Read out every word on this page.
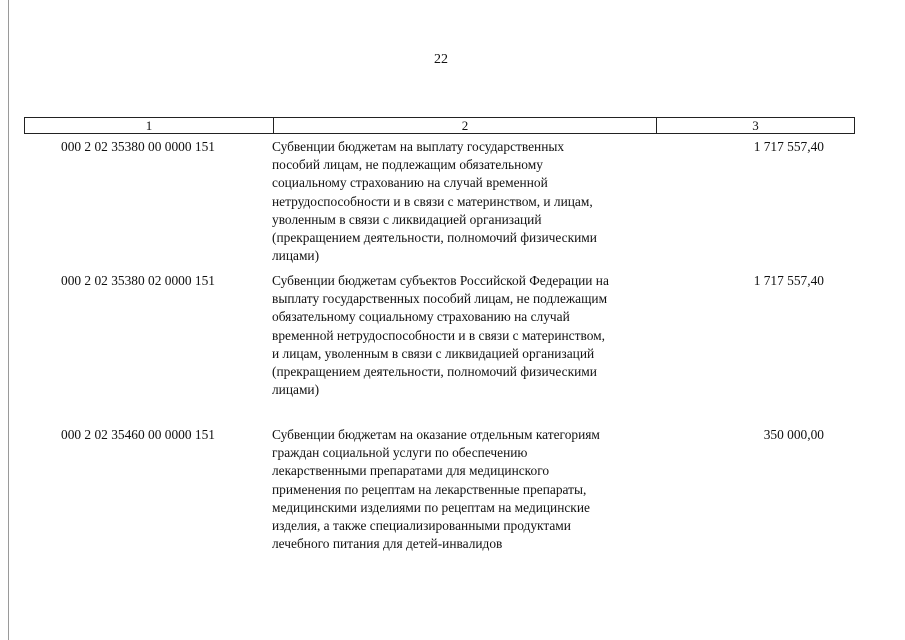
22
1	2	3
000 2 02 35380 00 0000 151	Субвенции бюджетам на выплату государственных
пособий лицам, не подлежащим обязательному
социальному страхованию на случай временной
нетрудоспособности и в связи с материнством, и лицам,
уволенным в связи с ликвидацией организаций
(прекращением деятельности, полномочий физическими
лицами)
1 717 557,40
000 2 02 35380 02 0000 151	Субвенции бюджетам субъектов Российской Федерации на
выплату государственных пособий лицам, не подлежащим
обязательному социальному страхованию на случай
временной нетрудоспособности и в связи с материнством,
и лицам, уволенным в связи с ликвидацией организаций
(прекращением деятельности, полномочий физическими
лицами)
1 717 557,40
000 2 02 35460 00 0000 151	Субвенции бюджетам на оказание отдельным категориям
граждан социальной услуги по обеспечению
лекарственными препаратами для медицинского
применения по рецептам на лекарственные препараты,
медицинскими изделиями по рецептам на медицинские
изделия, а также специализированными продуктами
лечебного питания для детей-инвалидов
350 000,00
